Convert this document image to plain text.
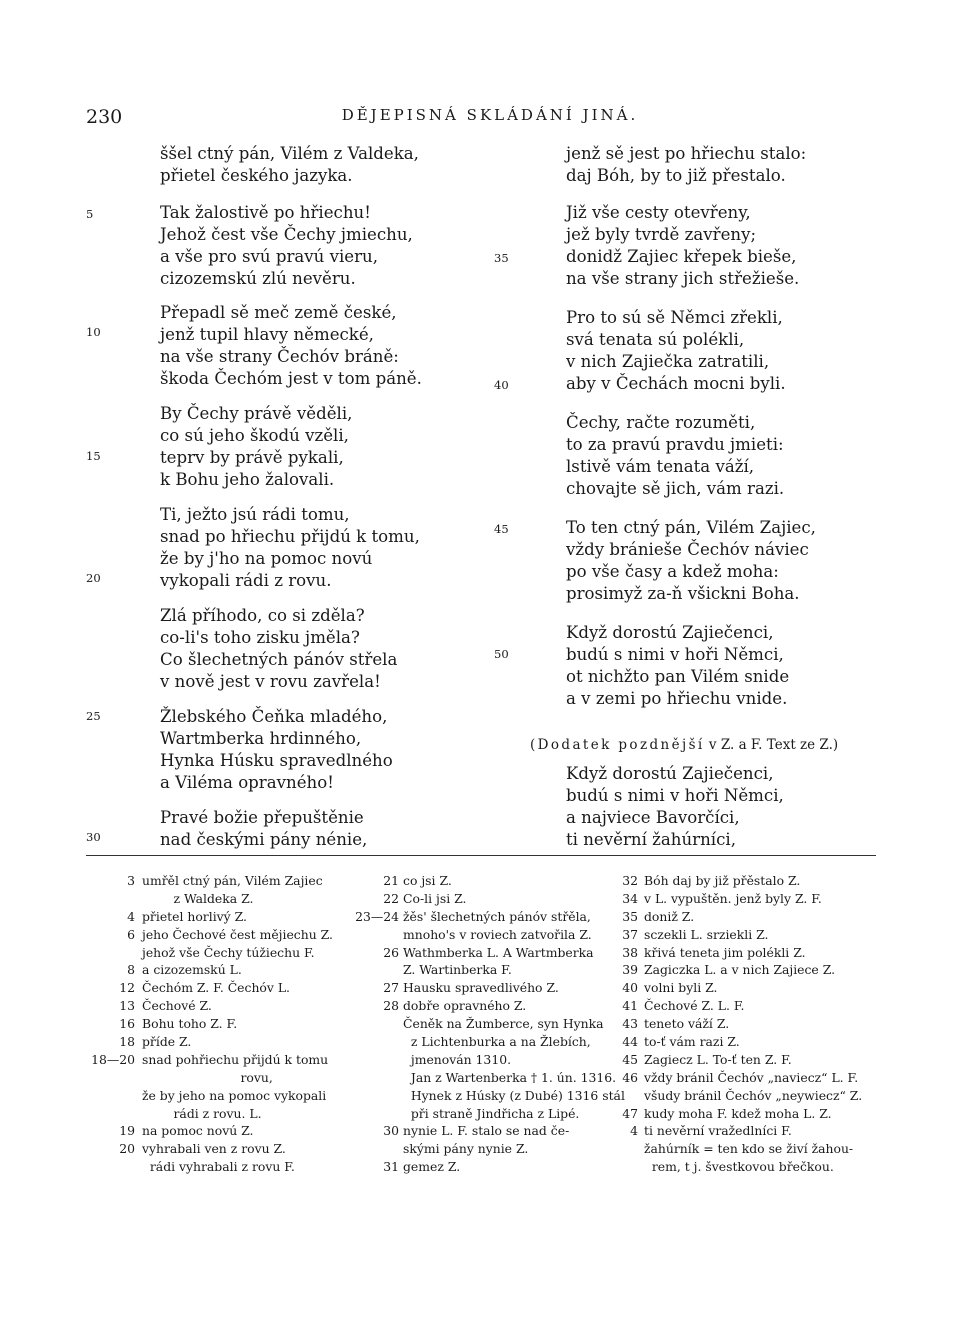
230	DĚJEPISNÁ SKLÁDÁNÍ JINÁ.
ššel ctný pán, Vilém z Valdeka,
přietel českého jazyka.
Tak žalostivě po hřiechu!
Jehož čest vše Čechy jmiechu,
a vše pro svú pravú vieru,
cizozemskú zlú nevěru.
Přepadl sě meč země české,
jenž tupil hlavy německé,
na vše strany Čechóv bráně:
škoda Čechóm jest v tom páně.
By Čechy právě věděli,
co sú jeho škodú vzěli,
teprv by právě pykali,
k Bohu jeho žalovali.
Ti, ježto jsú rádi tomu,
snad po hřiechu přijdú k tomu,
že by j'ho na pomoc novú
vykopali rádi z rovu.
Zlá příhodo, co si zděla?
co-li's toho zisku jměla?
Co šlechetných pánóv střela
v nově jest v rovu zavřela!
Žlebského Čeňka mladého,
Wartmberka hrdinného,
Hynka Húsku spravedlného
a Viléma opravného!
Pravé božie přepuštěnie
nad českými pány nénie,
jenž sě jest po hřiechu stalo:
daj Bóh, by to již přestalo.
Již vše cesty otevřeny,
jež byly tvrdě zavřeny;
donidž Zajiec křepek bieše,
na vše strany jich střežieše.
Pro to sú sě Němci zřekli,
svá tenata sú polékli,
v nich Zajiečka zatratili,
aby v Čechách mocni byli.
Čechy, račte rozuměti,
to za pravú pravdu jmieti:
lstivě vám tenata váží,
chovajte sě jich, vám razi.
To ten ctný pán, Vilém Zajiec,
vždy bránieše Čechóv náviec
po vše časy a kdež moha:
prosimyž za-ň všickni Boha.
Když dorostú Zajiečenci,
budú s nimi v hoři Němci,
ot nichžto pan Vilém snide
a v zemi po hřiechu vnide.
5
10
15
20
25
30
35
40
45
50
(Dodatek pozdnější v Z. a F. Text ze Z.)
Když dorostú Zajiečenci,
budú s nimi v hoři Němci,
a najviece Bavorčíci,
ti nevěrní žahúrníci,
3 umřěl ctný pán, Vilém Zajiec
z Waldeka Z.
4 přietel horlivý Z.
6 jeho Čechové čest mějiechu Z.
jehož vše Čechy túžiechu F.
8 a cizozemskú L.
12 Čechóm Z. F. Čechóv L.
13 Čechové Z.
16 Bohu toho Z. F.
18 příde Z.
18—20 snad pohřiechu přijdú k tomu
rovu,
že by jeho na pomoc vykopali
rádi z rovu. L.
19 na pomoc novú Z.
20 vyhrabali ven z rovu Z.
rádi vyhrabali z rovu F.
21 co jsi Z.
22 Co-li jsi Z.
23—24 žěs' šlechetných pánóv střěla,
mnoho's v roviech zatvořila Z.
26 Wathmberka L. A Wartmberka
Z. Wartinberka F.
27 Hausku spravedlivého Z.
28 dobře opravného Z.
Čeněk na Žumberce, syn Hynka
z Lichtenburka a na Žlebích,
jmenován 1310.
Jan z Wartenberka † 1. ún. 1316.
Hynek z Húsky (z Dubé) 1316 stál
při straně Jindřicha z Lipé.
30 nynie L. F. stalo se nad če-
skými pány nynie Z.
31 gemez Z.
32 Bóh daj by již přěstalo Z.
34 v L. vypuštěn. jenž byly Z. F.
35 doniž Z.
37 sczekli L. srziekli Z.
38 křivá teneta jim polékli Z.
39 Zagiczka L. a v nich Zajiece Z.
40 volni byli Z.
41 Čechové Z. L. F.
43 teneto váží Z.
44 to-ť vám razi Z.
45 Zagiecz L. To-ť ten Z. F.
46 vždy bránil Čechóv „naviecz“ L. F.
všudy bránil Čechóv „neywiecz“ Z.
47 kudy moha F. kdež moha L. Z.
4 ti nevěrní vražedlníci F.
žahúrník = ten kdo se živí žahou-
rem, t j. švestkovou břečkou.
